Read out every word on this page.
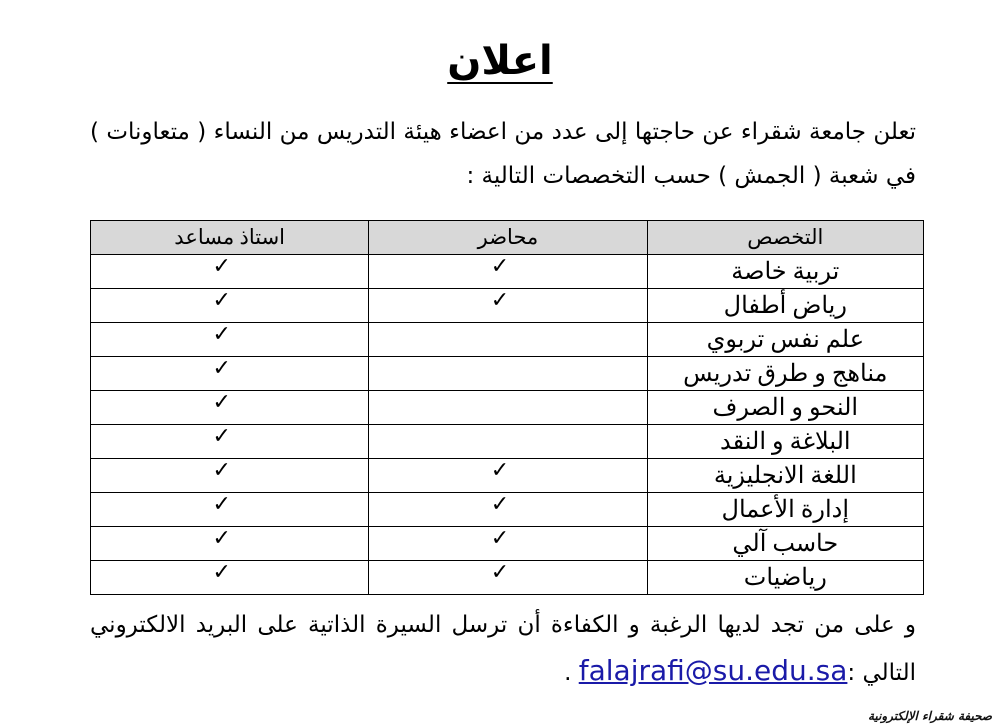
اعلان
تعلن جامعة شقراء عن حاجتها إلى عدد من اعضاء هيئة التدريس من النساء ( متعاونات ) في شعبة ( الجمش ) حسب التخصصات التالية :
التخصص	محاضر	استاذ مساعد
تربية خاصة	✓	✓
رياض أطفال	✓	✓
علم نفس تربوي		✓
مناهج و طرق تدريس		✓
النحو و الصرف		✓
البلاغة و النقد		✓
اللغة الانجليزية	✓	✓
إدارة الأعمال	✓	✓
حاسب آلي	✓	✓
رياضيات	✓	✓
و على من تجد لديها الرغبة و الكفاءة أن ترسل السيرة الذاتية على البريد الالكتروني التالي :falajrafi@su.edu.sa .
صحيفة شقراء الإلكترونية
